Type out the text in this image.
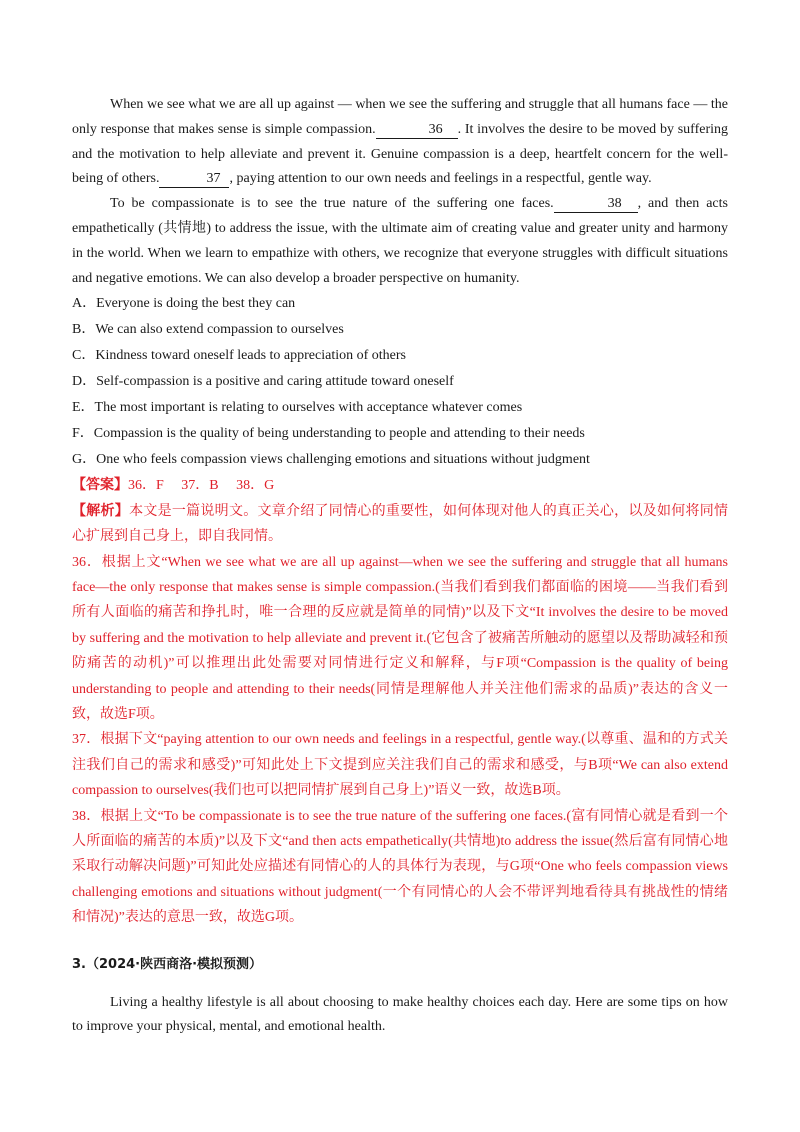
When we see what we are all up against — when we see the suffering and struggle that all humans face — the only response that makes sense is simple compassion.	36 . It involves the desire to be moved by suffering and the motivation to help alleviate and prevent it. Genuine compassion is a deep, heartfelt concern for the well-being of others.	37 , paying attention to our own needs and feelings in a respectful, gentle way.

To be compassionate is to see the true nature of the suffering one faces.	38 , and then acts empathetically (共情地) to address the issue, with the ultimate aim of creating value and greater unity and harmony in the world. When we learn to empathize with others, we recognize that everyone struggles with difficult situations and negative emotions. We can also develop a broader perspective on humanity.

A．Everyone is doing the best they can

B．We can also extend compassion to ourselves

C．Kindness toward oneself leads to appreciation of others

D．Self-compassion is a positive and caring attitude toward oneself

E．The most important is relating to ourselves with acceptance whatever comes

F．Compassion is the quality of being understanding to people and attending to their needs

G．One who feels compassion views challenging emotions and situations without judgment

【答案】36．F　 37．B　 38．G

【解析】本文是一篇说明文。文章介绍了同情心的重要性，如何体现对他人的真正关心，以及如何将同情心扩展到自己身上，即自我同情。

36．根据上文“When we see what we are all up against—when we see the suffering and struggle that all humans face—the only response that makes sense is simple compassion.(当我们看到我们都面临的困境——当我们看到所有人面临的痛苦和挣扎时，唯一合理的反应就是简单的同情)”以及下文“It involves the desire to be moved by suffering and the motivation to help alleviate and prevent it.(它包含了被痛苦所触动的愿望以及帮助减轻和预防痛苦的动机)”可以推理出此处需要对同情进行定义和解释，与F项“Compassion is the quality of being understanding to people and attending to their needs(同情是理解他人并关注他们需求的品质)”表达的含义一致，故选F项。

37．根据下文“paying attention to our own needs and feelings in a respectful, gentle way.(以尊重、温和的方式关注我们自己的需求和感受)”可知此处上下文提到应关注我们自己的需求和感受，与B项“We can also extend compassion to ourselves(我们也可以把同情扩展到自己身上)”语义一致，故选B项。

38．根据上文“To be compassionate is to see the true nature of the suffering one faces.(富有同情心就是看到一个人所面临的痛苦的本质)”以及下文“and then acts empathetically(共情地)to address the issue(然后富有同情心地采取行动解决问题)”可知此处应描述有同情心的人的具体行为表现，与G项“One who feels compassion views challenging emotions and situations without judgment(一个有同情心的人会不带评判地看待具有挑战性的情绪和情况)”表达的意思一致，故选G项。

3.（2024·陕西商洛·模拟预测）

Living a healthy lifestyle is all about choosing to make healthy choices each day. Here are some tips on how to improve your physical, mental, and emotional health.
